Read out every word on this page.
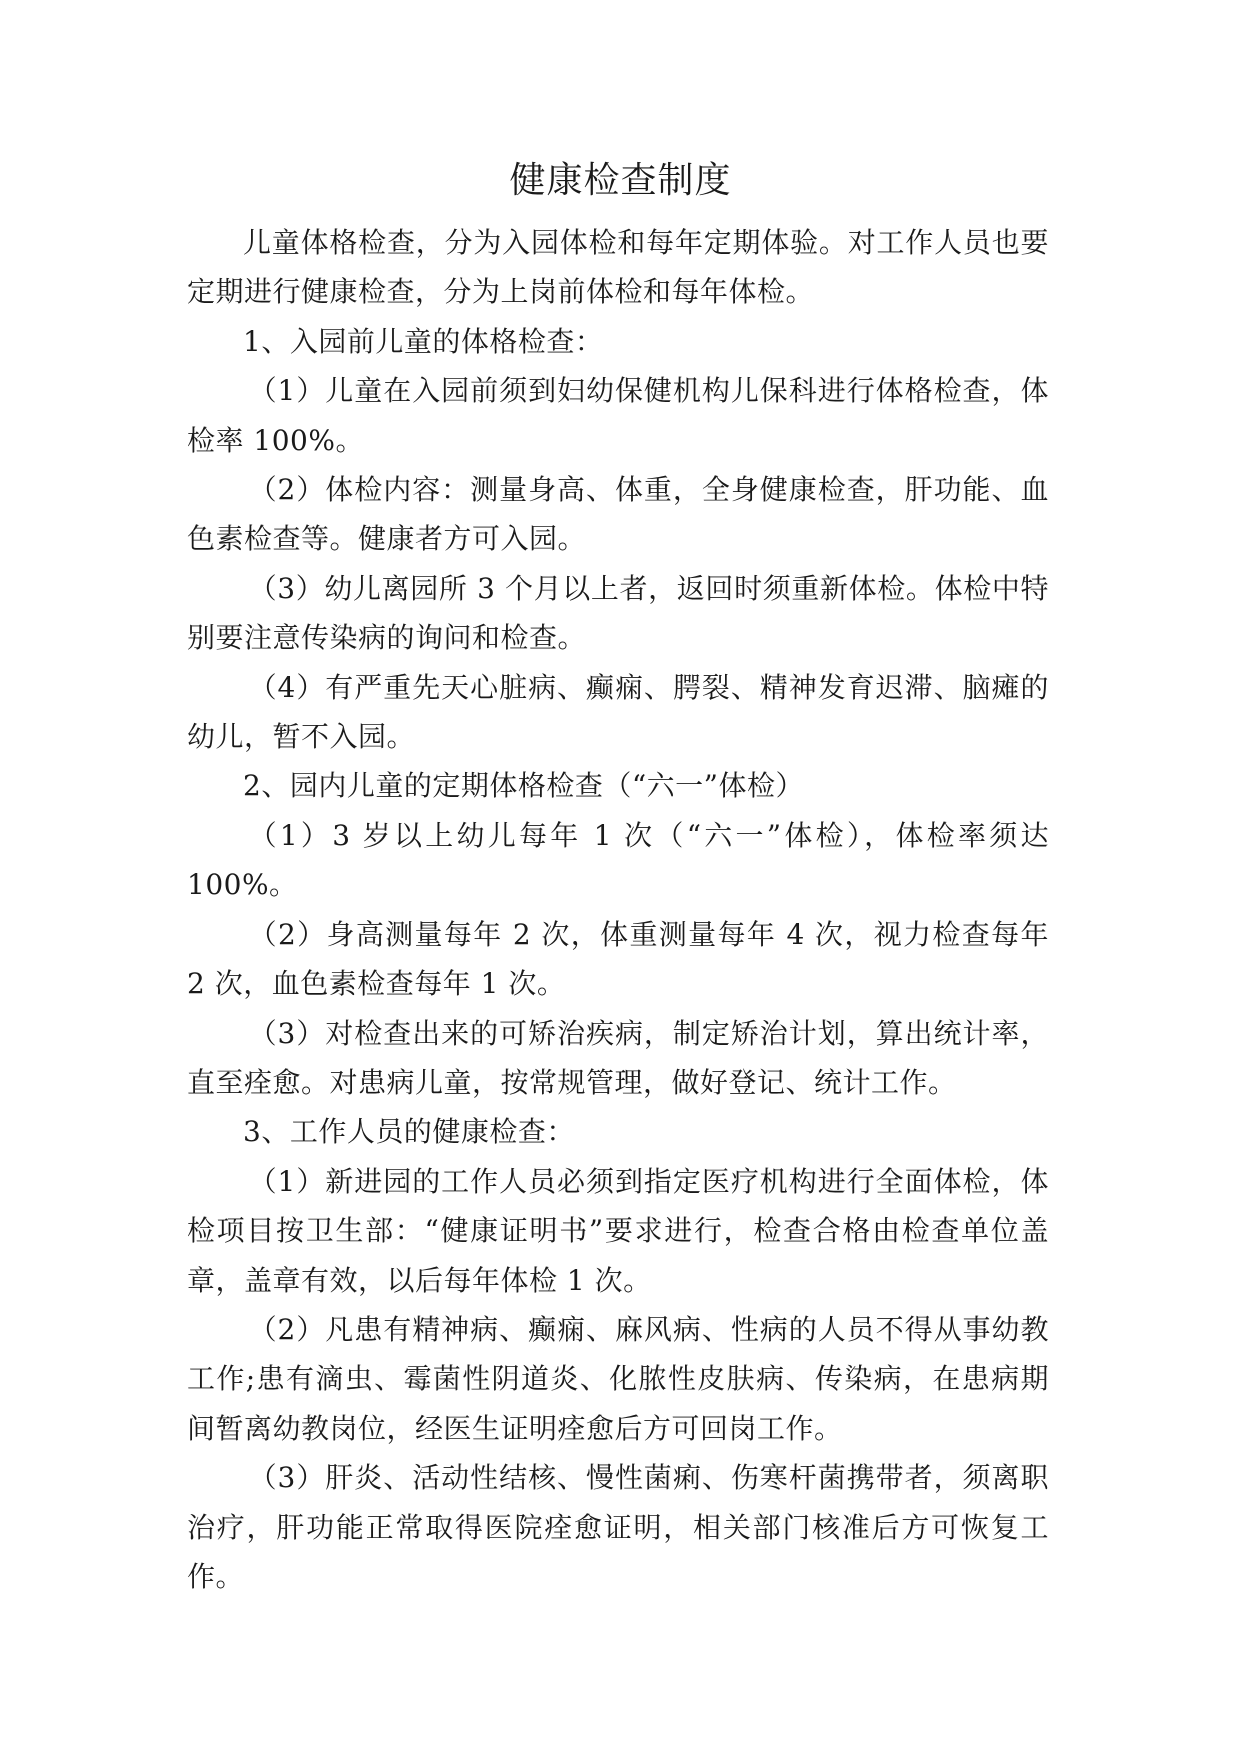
健康检查制度

儿童体格检查，分为入园体检和每年定期体验。对工作人员也要定期进行健康检查，分为上岗前体检和每年体检。

1、入园前儿童的体格检查：

（1）儿童在入园前须到妇幼保健机构儿保科进行体格检查，体检率 100%。

（2）体检内容：测量身高、体重，全身健康检查，肝功能、血色素检查等。健康者方可入园。

（3）幼儿离园所 3 个月以上者，返回时须重新体检。体检中特别要注意传染病的询问和检查。

（4）有严重先天心脏病、癫痫、腭裂、精神发育迟滞、脑瘫的幼儿，暂不入园。

2、园内儿童的定期体格检查（“六一”体检）

（1）3 岁以上幼儿每年 1 次（“六一”体检），体检率须达 100%。

（2）身高测量每年 2 次，体重测量每年 4 次，视力检查每年 2 次，血色素检查每年 1 次。

（3）对检查出来的可矫治疾病，制定矫治计划，算出统计率，直至痊愈。对患病儿童，按常规管理，做好登记、统计工作。

3、工作人员的健康检查：

（1）新进园的工作人员必须到指定医疗机构进行全面体检，体检项目按卫生部：“健康证明书”要求进行，检查合格由检查单位盖章，盖章有效，以后每年体检 1 次。

（2）凡患有精神病、癫痫、麻风病、性病的人员不得从事幼教工作;患有滴虫、霉菌性阴道炎、化脓性皮肤病、传染病，在患病期间暂离幼教岗位，经医生证明痊愈后方可回岗工作。

（3）肝炎、活动性结核、慢性菌痢、伤寒杆菌携带者，须离职治疗，肝功能正常取得医院痊愈证明，相关部门核准后方可恢复工作。
